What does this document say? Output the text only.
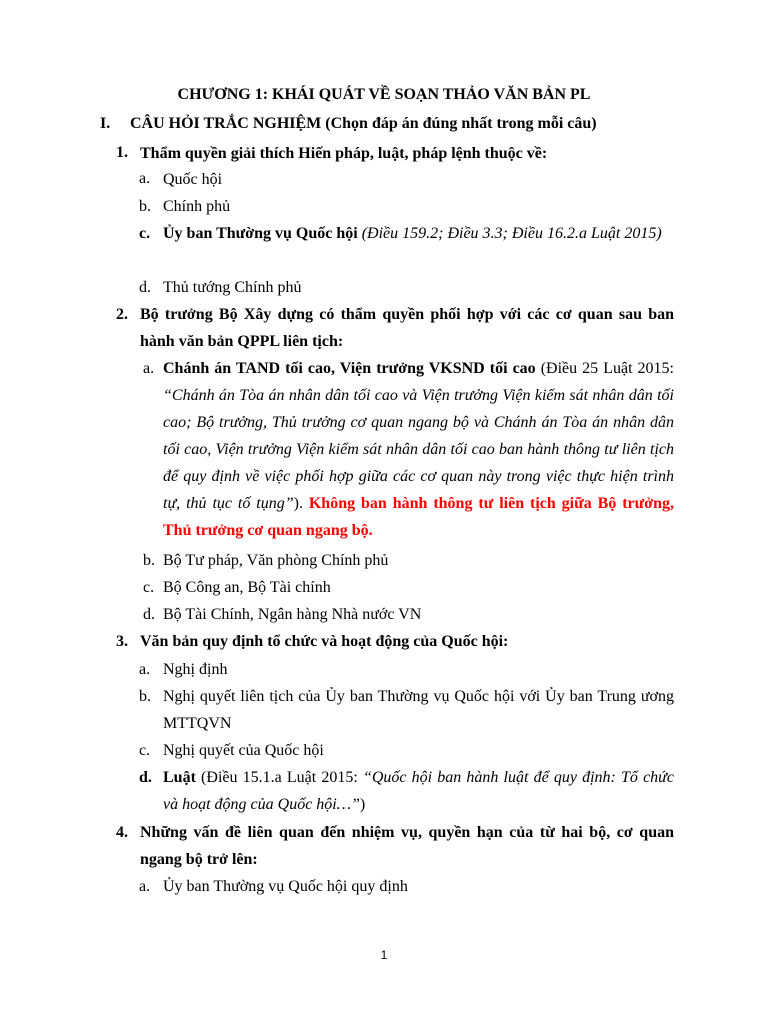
CHƯƠNG 1: KHÁI QUÁT VỀ SOẠN THẢO VĂN BẢN PL
I. CÂU HỎI TRẮC NGHIỆM (Chọn đáp án đúng nhất trong mỗi câu)
1. Thẩm quyền giải thích Hiến pháp, luật, pháp lệnh thuộc về:
a. Quốc hội
b. Chính phủ
c. Ủy ban Thường vụ Quốc hội (Điều 159.2; Điều 3.3; Điều 16.2.a Luật 2015)
d. Thủ tướng Chính phủ
2. Bộ trưởng Bộ Xây dựng có thẩm quyền phối hợp với các cơ quan sau ban hành văn bản QPPL liên tịch:
a. Chánh án TAND tối cao, Viện trưởng VKSND tối cao (Điều 25 Luật 2015: “Chánh án Tòa án nhân dân tối cao và Viện trưởng Viện kiểm sát nhân dân tối cao; Bộ trưởng, Thủ trưởng cơ quan ngang bộ và Chánh án Tòa án nhân dân tối cao, Viện trưởng Viện kiểm sát nhân dân tối cao ban hành thông tư liên tịch để quy định về việc phối hợp giữa các cơ quan này trong việc thực hiện trình tự, thủ tục tố tụng”). Không ban hành thông tư liên tịch giữa Bộ trưởng, Thủ trưởng cơ quan ngang bộ.
b. Bộ Tư pháp, Văn phòng Chính phủ
c. Bộ Công an, Bộ Tài chính
d. Bộ Tài Chính, Ngân hàng Nhà nước VN
3. Văn bản quy định tổ chức và hoạt động của Quốc hội:
a. Nghị định
b. Nghị quyết liên tịch của Ủy ban Thường vụ Quốc hội với Ủy ban Trung ương MTTQVN
c. Nghị quyết của Quốc hội
d. Luật (Điều 15.1.a Luật 2015: “Quốc hội ban hành luật để quy định: Tổ chức và hoạt động của Quốc hội…”)
4. Những vấn đề liên quan đến nhiệm vụ, quyền hạn của từ hai bộ, cơ quan ngang bộ trở lên:
a. Ủy ban Thường vụ Quốc hội quy định
1
